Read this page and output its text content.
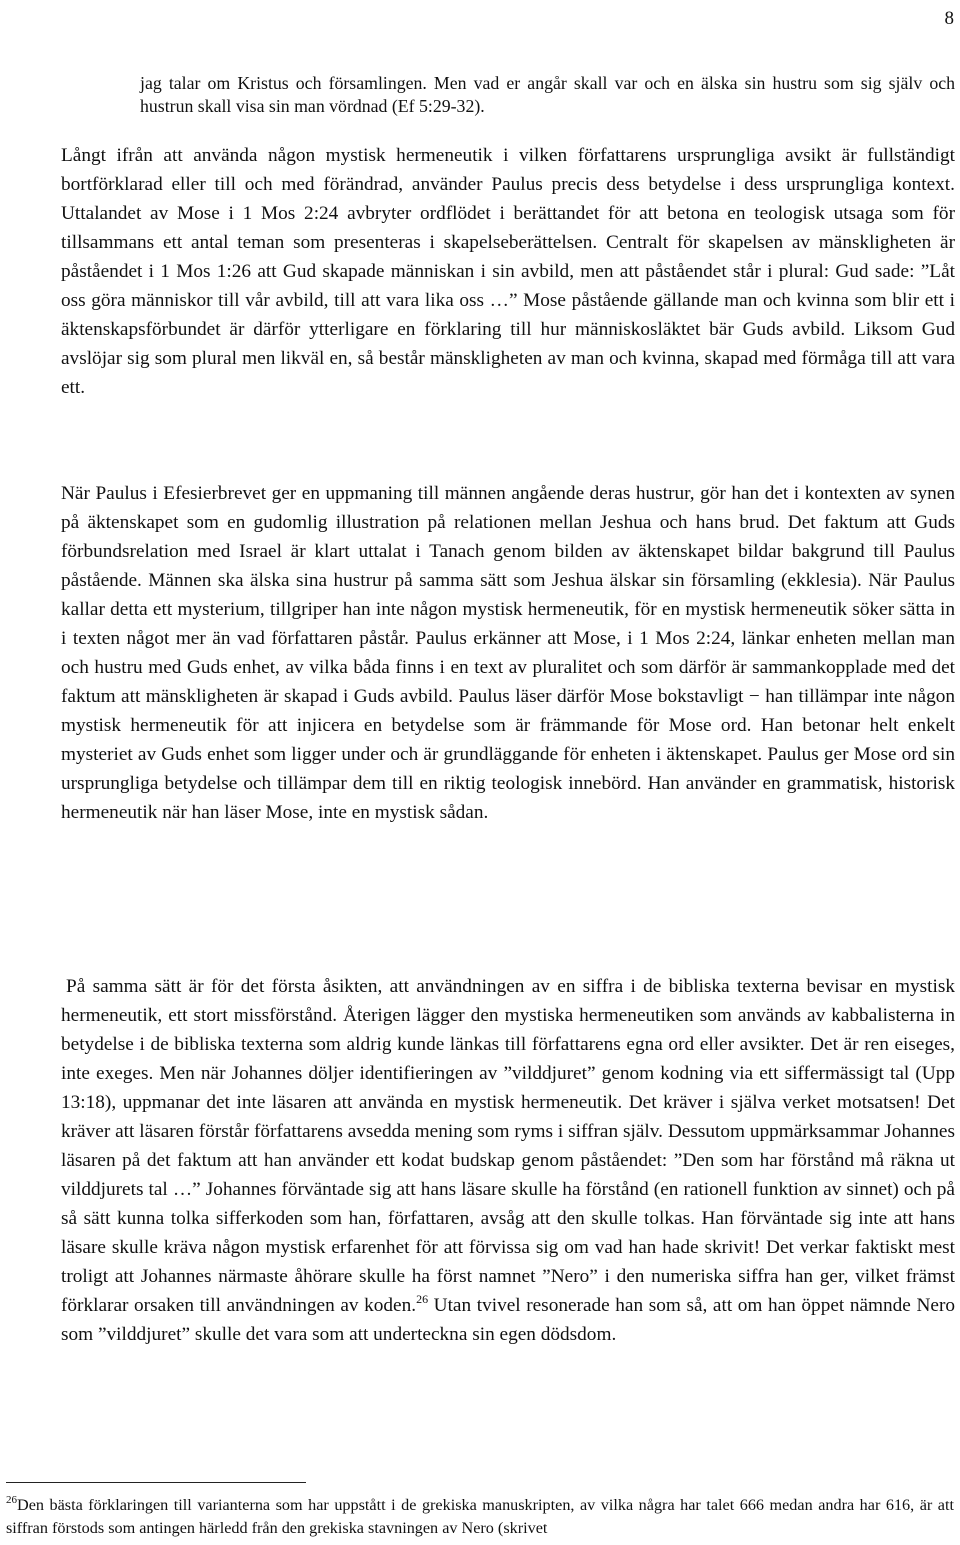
8

jag talar om Kristus och församlingen. Men vad er angår skall var och en älska sin hustru som sig själv och hustrun skall visa sin man vördnad (Ef 5:29-32).

Långt ifrån att använda någon mystisk hermeneutik i vilken författarens ursprungliga avsikt är fullständigt bortförklarad eller till och med förändrad, använder Paulus precis dess betydelse i dess ursprungliga kontext. Uttalandet av Mose i 1 Mos 2:24 avbryter ordflödet i berättandet för att betona en teologisk utsaga som för tillsammans ett antal teman som presenteras i skapelseberättelsen. Centralt för skapelsen av mänskligheten är påståendet i 1 Mos 1:26 att Gud skapade människan i sin avbild, men att påståendet står i plural: Gud sade: ”Låt oss göra människor till vår avbild, till att vara lika oss …” Mose påstående gällande man och kvinna som blir ett i äktenskapsförbundet är därför ytterligare en förklaring till hur människosläktet bär Guds avbild. Liksom Gud avslöjar sig som plural men likväl en, så består mänskligheten av man och kvinna, skapad med förmåga till att vara ett.

När Paulus i Efesierbrevet ger en uppmaning till männen angående deras hustrur, gör han det i kontexten av synen på äktenskapet som en gudomlig illustration på relationen mellan Jeshua och hans brud. Det faktum att Guds förbundsrelation med Israel är klart uttalat i Tanach genom bilden av äktenskapet bildar bakgrund till Paulus påstående. Männen ska älska sina hustrur på samma sätt som Jeshua älskar sin församling (ekklesia). När Paulus kallar detta ett mysterium, tillgriper han inte någon mystisk hermeneutik, för en mystisk hermeneutik söker sätta in i texten något mer än vad författaren påstår. Paulus erkänner att Mose, i 1 Mos 2:24, länkar enheten mellan man och hustru med Guds enhet, av vilka båda finns i en text av pluralitet och som därför är sammankopplade med det faktum att mänskligheten är skapad i Guds avbild. Paulus läser därför Mose bokstavligt − han tillämpar inte någon mystisk hermeneutik för att injicera en betydelse som är främmande för Mose ord. Han betonar helt enkelt mysteriet av Guds enhet som ligger under och är grundläggande för enheten i äktenskapet. Paulus ger Mose ord sin ursprungliga betydelse och tillämpar dem till en riktig teologisk innebörd. Han använder en grammatisk, historisk hermeneutik när han läser Mose, inte en mystisk sådan.

På samma sätt är för det första åsikten, att användningen av en siffra i de bibliska texterna bevisar en mystisk hermeneutik, ett stort missförstånd. Återigen lägger den mystiska hermeneutiken som används av kabbalisterna in betydelse i de bibliska texterna som aldrig kunde länkas till författarens egna ord eller avsikter. Det är ren eiseges, inte exeges. Men när Johannes döljer identifieringen av ”vilddjuret” genom kodning via ett siffermässigt tal (Upp 13:18), uppmanar det inte läsaren att använda en mystisk hermeneutik. Det kräver i själva verket motsatsen! Det kräver att läsaren förstår författarens avsedda mening som ryms i siffran själv. Dessutom uppmärksammar Johannes läsaren på det faktum att han använder ett kodat budskap genom påståendet: ”Den som har förstånd må räkna ut vilddjurets tal …” Johannes förväntade sig att hans läsare skulle ha förstånd (en rationell funktion av sinnet) och på så sätt kunna tolka sifferkoden som han, författaren, avsåg att den skulle tolkas. Han förväntade sig inte att hans läsare skulle kräva någon mystisk erfarenhet för att förvissa sig om vad han hade skrivit! Det verkar faktiskt mest troligt att Johannes närmaste åhörare skulle ha först namnet ”Nero” i den numeriska siffra han ger, vilket främst förklarar orsaken till användningen av koden.$^{26}$ Utan tvivel resonerade han som så, att om han öppet nämnde Nero som ”vilddjuret” skulle det vara som att underteckna sin egen dödsdom.

$^{26}$Den bästa förklaringen till varianterna som har uppstått i de grekiska manuskripten, av vilka några har talet 666 medan andra har 616, är att siffran förstods som antingen härledd från den grekiska stavningen av Nero (skrivet
